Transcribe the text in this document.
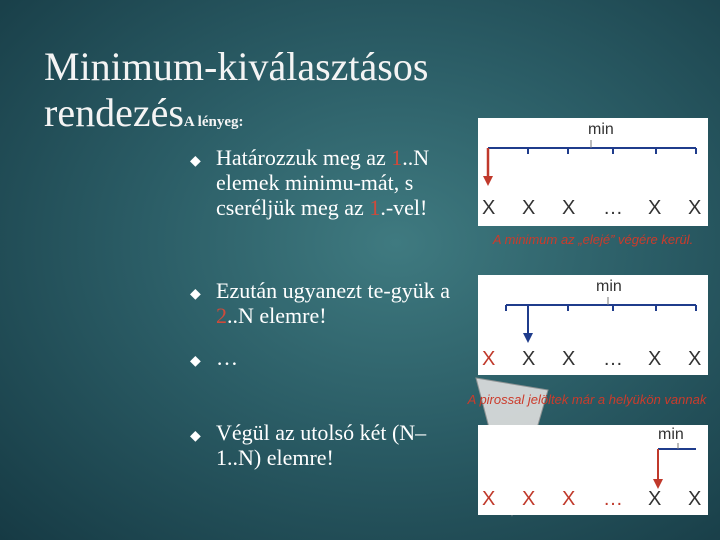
Minimum-kiválasztásos
rendezésA lényeg:
◆ Határozzuk meg az 1..N elemek minimu-mát, s cseréljük meg az 1.-vel!
◆ Ezután ugyanezt te-gyük a 2..N elemre!
◆ …
◆ Végül az utolsó két (N–1..N) elemre!
min
X X X … X X
A minimum az „elejé” végére kerül.
min
X X X … X X
A pirossal jelöltek már a helyükön vannak
min
X X X … X X
